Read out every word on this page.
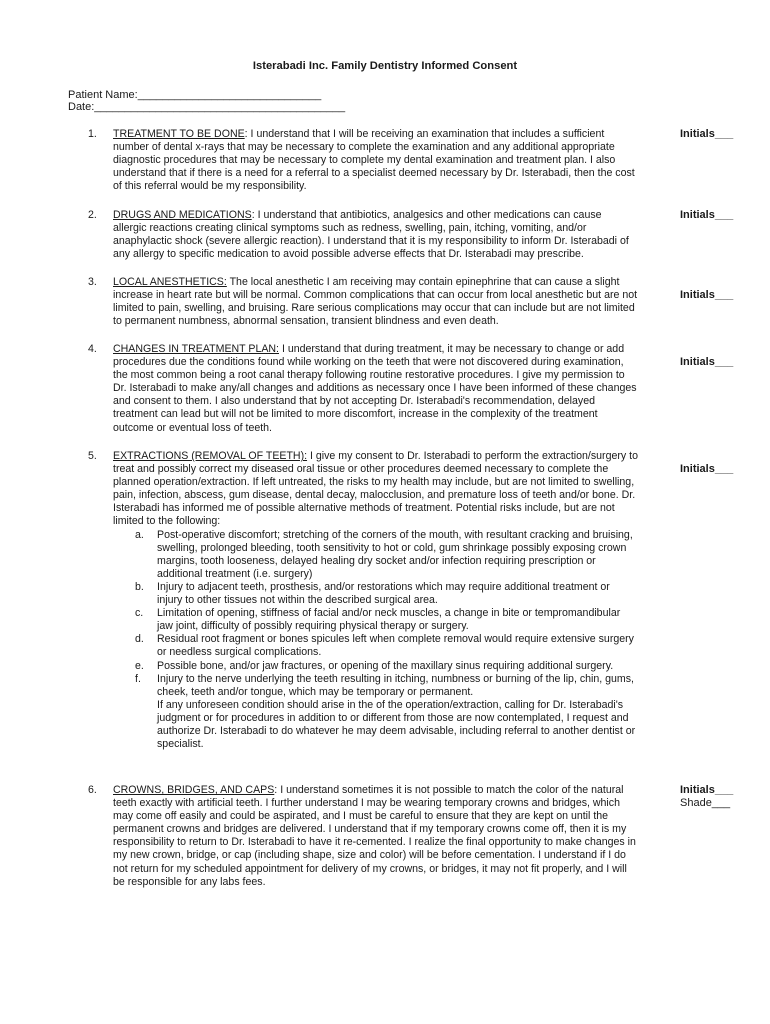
Isterabadi Inc. Family Dentistry Informed Consent
Patient Name:______________________________
Date:_________________________________________
1.	TREATMENT TO BE DONE: I understand that I will be receiving an examination that includes a sufficient number of dental x-rays that may be necessary to complete the examination and any additional appropriate diagnostic procedures that may be necessary to complete my dental examination and treatment plan. I also understand that if there is a need for a referral to a specialist deemed necessary by Dr. Isterabadi, then the cost of this referral would be my responsibility.
Initials___
2.	DRUGS AND MEDICATIONS: I understand that antibiotics, analgesics and other medications can cause allergic reactions creating clinical symptoms such as redness, swelling, pain, itching, vomiting, and/or anaphylactic shock (severe allergic reaction). I understand that it is my responsibility to inform Dr. Isterabadi of any allergy to specific medication to avoid possible adverse effects that Dr. Isterabadi may prescribe.
Initials___
3.	LOCAL ANESTHETICS: The local anesthetic I am receiving may contain epinephrine that can cause a slight increase in heart rate but will be normal. Common complications that can occur from local anesthetic but are not limited to pain, swelling, and bruising. Rare serious complications may occur that can include but are not limited to permanent numbness, abnormal sensation, transient blindness and even death.
Initials___
4.	CHANGES IN TREATMENT PLAN: I understand that during treatment, it may be necessary to change or add procedures due the conditions found while working on the teeth that were not discovered during examination, the most common being a root canal therapy following routine restorative procedures. I give my permission to Dr. Isterabadi to make any/all changes and additions as necessary once I have been informed of these changes and consent to them. I also understand that by not accepting Dr. Isterabadi's recommendation, delayed treatment can lead but will not be limited to more discomfort, increase in the complexity of the treatment outcome or eventual loss of teeth.
Initials___
5.	EXTRACTIONS (REMOVAL OF TEETH): I give my consent to Dr. Isterabadi to perform the extraction/surgery to treat and possibly correct my diseased oral tissue or other procedures deemed necessary to complete the planned operation/extraction. If left untreated, the risks to my health may include, but are not limited to swelling, pain, infection, abscess, gum disease, dental decay, malocclusion, and premature loss of teeth and/or bone. Dr. Isterabadi has informed me of possible alternative methods of treatment. Potential risks include, but are not limited to the following:
a. Post-operative discomfort; stretching of the corners of the mouth, with resultant cracking and bruising, swelling, prolonged bleeding, tooth sensitivity to hot or cold, gum shrinkage possibly exposing crown margins, tooth looseness, delayed healing dry socket and/or infection requiring prescription or additional treatment (i.e. surgery)
b. Injury to adjacent teeth, prosthesis, and/or restorations which may require additional treatment or injury to other tissues not within the described surgical area.
c. Limitation of opening, stiffness of facial and/or neck muscles, a change in bite or tempromandibular jaw joint, difficulty of possibly requiring physical therapy or surgery.
d. Residual root fragment or bones spicules left when complete removal would require extensive surgery or needless surgical complications.
e. Possible bone, and/or jaw fractures, or opening of the maxillary sinus requiring additional surgery.
f. Injury to the nerve underlying the teeth resulting in itching, numbness or burning of the lip, chin, gums, cheek, teeth and/or tongue, which may be temporary or permanent.
If any unforeseen condition should arise in the of the operation/extraction, calling for Dr. Isterabadi's judgment or for procedures in addition to or different from those are now contemplated, I request and authorize Dr. Isterabadi to do whatever he may deem advisable, including referral to another dentist or specialist.
Initials___
6.	CROWNS, BRIDGES, AND CAPS: I understand sometimes it is not possible to match the color of the natural teeth exactly with artificial teeth. I further understand I may be wearing temporary crowns and bridges, which may come off easily and could be aspirated, and I must be careful to ensure that they are kept on until the permanent crowns and bridges are delivered. I understand that if my temporary crowns come off, then it is my responsibility to return to Dr. Isterabadi to have it re-cemented. I realize the final opportunity to make changes in my new crown, bridge, or cap (including shape, size and color) will be before cementation. I understand if I do not return for my scheduled appointment for delivery of my crowns, or bridges, it may not fit properly, and I will be responsible for any labs fees.
Initials___
Shade___
